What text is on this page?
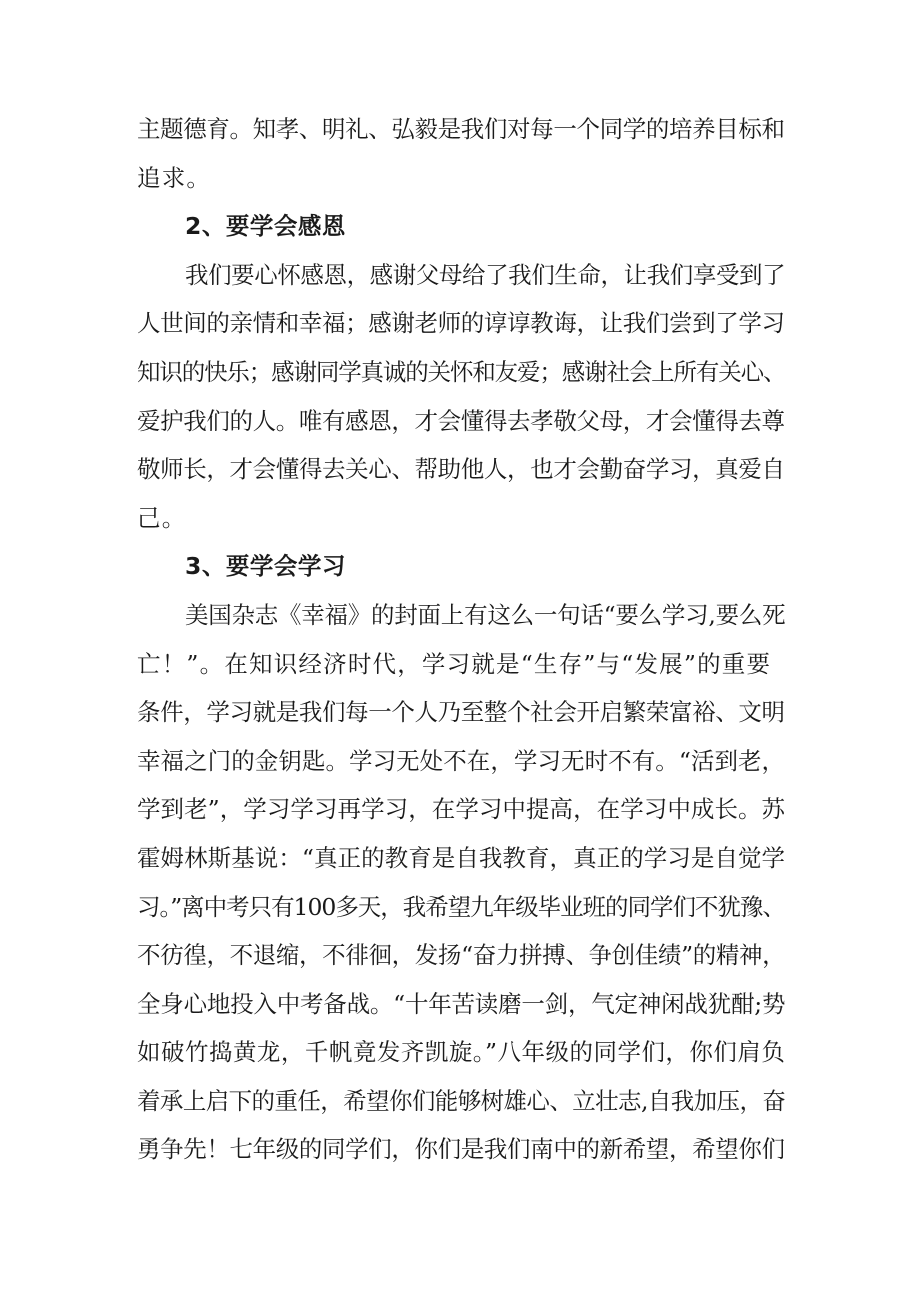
主题德育。知孝、明礼、弘毅是我们对每一个同学的培养目标和
追求。
2、要学会感恩
我们要心怀感恩，感谢父母给了我们生命，让我们享受到了
人世间的亲情和幸福；感谢老师的谆谆教诲，让我们尝到了学习
知识的快乐；感谢同学真诚的关怀和友爱；感谢社会上所有关心、
爱护我们的人。唯有感恩，才会懂得去孝敬父母，才会懂得去尊
敬师长，才会懂得去关心、帮助他人，也才会勤奋学习，真爱自
己。
3、要学会学习
美国杂志《幸福》的封面上有这么一句话“要么学习,要么死
亡！”。在知识经济时代，学习就是“生存”与“发展”的重要
条件，学习就是我们每一个人乃至整个社会开启繁荣富裕、文明
幸福之门的金钥匙。学习无处不在，学习无时不有。“活到老，
学到老”，学习学习再学习，在学习中提高，在学习中成长。苏
霍姆林斯基说：“真正的教育是自我教育，真正的学习是自觉学
习。”离中考只有100多天，我希望九年级毕业班的同学们不犹豫、
不彷徨，不退缩，不徘徊，发扬“奋力拼搏、争创佳绩”的精神，
全身心地投入中考备战。“十年苦读磨一剑，气定神闲战犹酣;势
如破竹捣黄龙，千帆竟发齐凯旋。”八年级的同学们，你们肩负
着承上启下的重任，希望你们能够树雄心、立壮志,自我加压，奋
勇争先！七年级的同学们，你们是我们南中的新希望，希望你们
